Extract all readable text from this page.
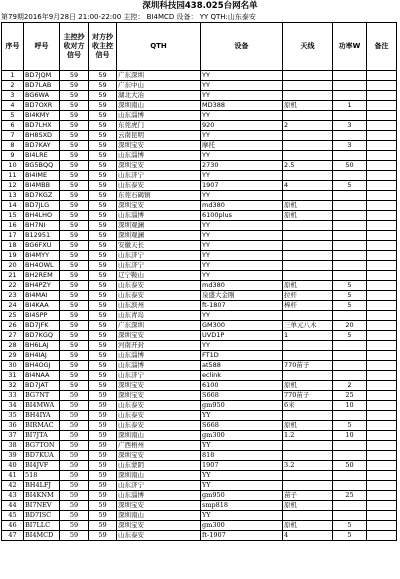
深圳科技园438.025台网名单
第79期2016年9月28日 21:00-22:00 主控： BI4MCD 设备： YY QTH:山东泰安
序号	呼号	主控抄收对方信号	对方抄收主控信号	QTH	设备	天线	功率W	备注
1	BD7JQM	59	59	广东深圳	YY			
2	BD7LAB	59	59	广东中山	YY			
3	BG6WA	59	59	湖北大冶	YY			
4	BD7OXR	59	59	深圳南山	MD388	原机	1	
5	BI4KMY	59	59	山东淄博	YY			
6	BD7LHX	59	59	东莞虎门	920	2	3	
7	BH8SXD	59	59	云南昆明	YY			
8	BD7KAY	59	59	深圳宝安	摩托		3	
9	BI4LRE	59	59	山东淄博	YY			
10	BG5BQQ	59	59	深圳宝安	2730	2.5	50	
11	BI4IME	59	59	山东济宁	YY			
12	BI4MBB	59	59	山东泰安	1907	4	5	
13	BD7KGZ	59	59	东莞石碣镇	YY			
14	BD7JLG	59	59	深圳宝安	md380	原机		
15	BH4LHO	59	59	山东淄博	6100plus	原机		
16	BH7NI	59	59	深圳观澜	YY			
17	B12951	59	59	深圳观澜	YY			
18	BG6FXU	59	59	安徽天长	YY			
19	BI4MYY	59	59	山东济宁	YY			
20	BH4OWL	59	59	山东济宁	YY			
21	BH2REM	59	59	辽宁鞍山	YY			
22	BH4PZY	59	59	山东泰安	md380	原机	5	
23	BI4MAI	59	59	山东泰安	泉盛大金刚	拉杆	5	
24	BI4KAA	59	59	山东滨州	ft-1807	棒杆	5	
25	BI4SPP	59	59	山东青岛	YY			
26	BD7JFK	59	59	广东深圳	GM300	三单元八木	20	
27	BD7KGQ	59	59	深圳宝安	UVD1P	1	5	
28	BH6LAJ	59	59	河南开封	YY			
29	BH4IAJ	59	59	山东淄博	FT1D			
30	BH4OGJ	59	59	山东淄博	at588	770苗子		
31	BI4NAA	59	59	山东济宁	eclink			
32	BD7JAT	59	59	深圳宝安	6100	原机	2	
33	BG7NT	59	59	深圳宝安	S668	770苗子	25	
34	BI4MWA	59	59	山东泰安	gm950	6米	10	
35	BH4IYA	59	59	山东泰安	YY			
36	BIRMAC	59	59	山东泰安	S668	原机	5	
37	BI7JTA	59	59	深圳南山	gm300	1.2	10	
38	BG7TON	59	59	广西梧州	YY			
39	BD7KUA	59	59	深圳宝安	818			
40	BI4JVF	59	59	山东蒙阴	1907	3.2	50	
41	518	59	59	深圳南山	YY			
42	BH4LFJ	59	59	山东济宁	YY			
43	BI4KNM	59	59	山东淄博	gm950	苗子	25	
44	BI7NEV	59	59	深圳宝安	smp818	原机		
45	BD7ISC	59	59	深圳南山	YY			
46	BI7LLC	59	59	深圳宝安	gm300	原机	5	
47	BI4MCD	59	59	山东泰安	ft-1907	4	5	
